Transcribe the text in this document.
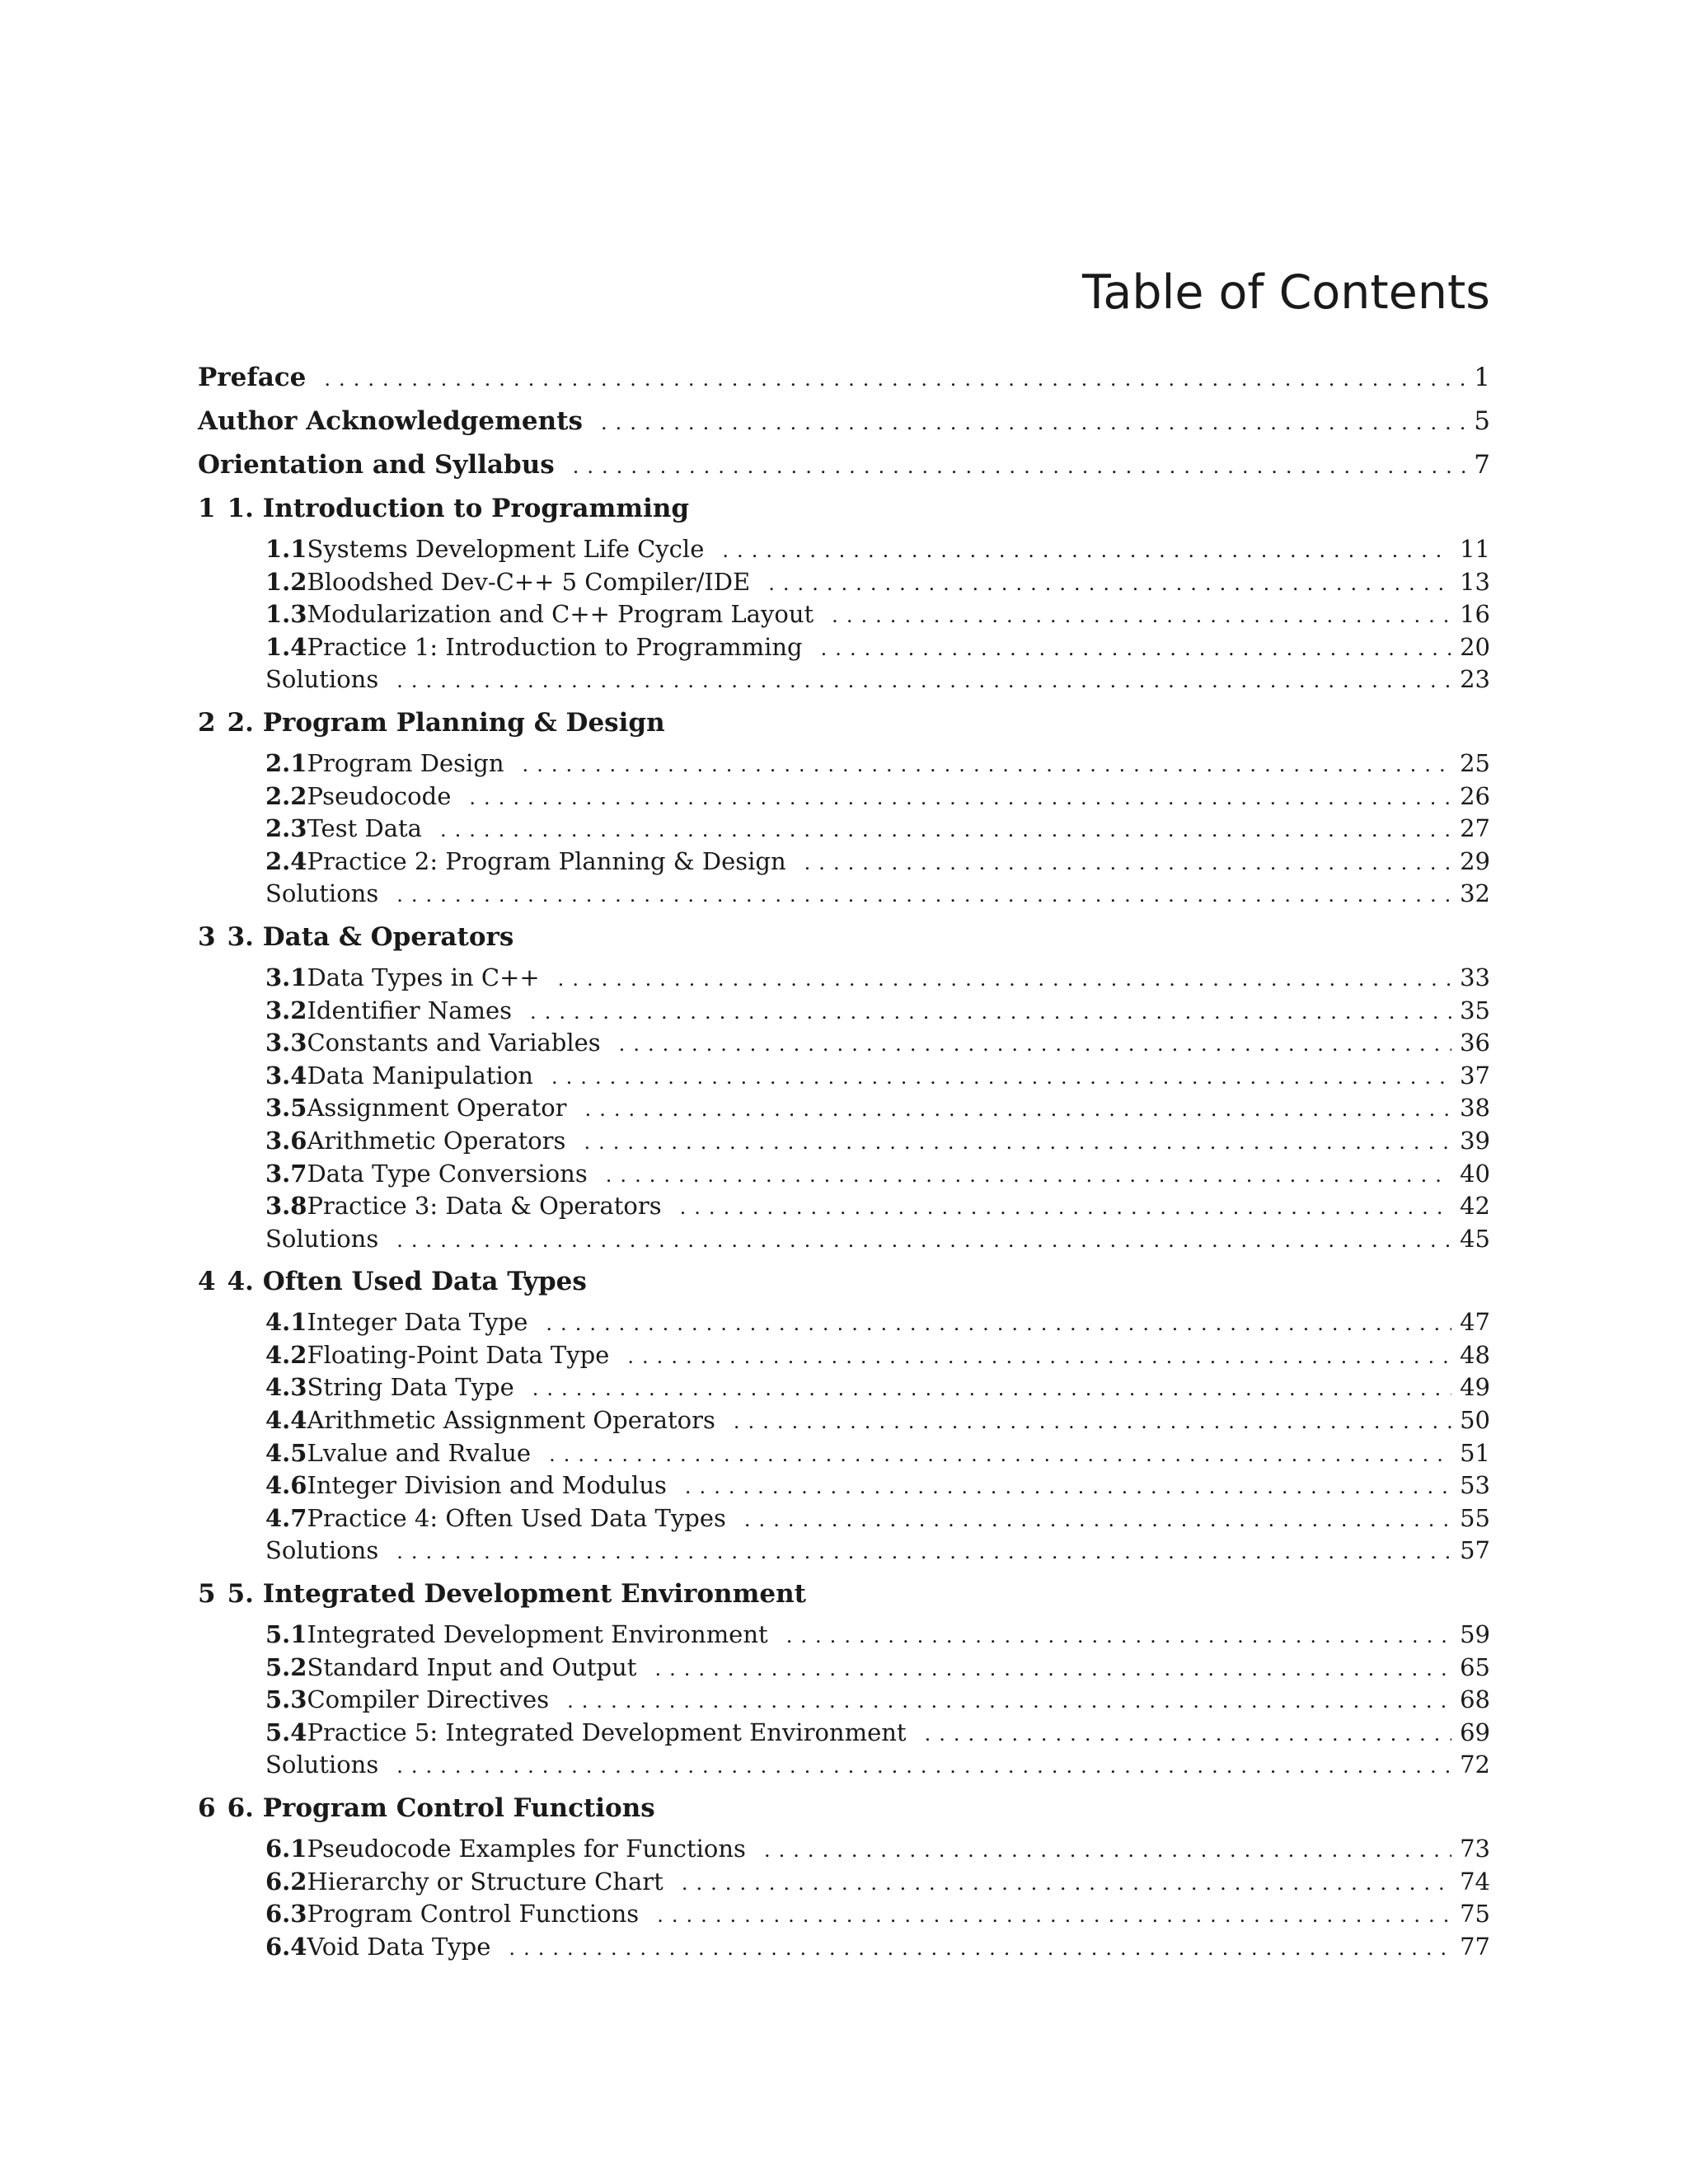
Table of Contents
Preface . . .	1
Author Acknowledgements . . .	5
Orientation and Syllabus . . .	7
1 1. Introduction to Programming
1.1 Systems Development Life Cycle . . .	11
1.2 Bloodshed Dev-C++ 5 Compiler/IDE . . .	13
1.3 Modularization and C++ Program Layout . . .	16
1.4 Practice 1: Introduction to Programming . . .	20
Solutions . . .	23
2 2. Program Planning & Design
2.1 Program Design . . .	25
2.2 Pseudocode . . .	26
2.3 Test Data . . .	27
2.4 Practice 2: Program Planning & Design . . .	29
Solutions . . .	32
3 3. Data & Operators
3.1 Data Types in C++ . . .	33
3.2 Identifier Names . . .	35
3.3 Constants and Variables . . .	36
3.4 Data Manipulation . . .	37
3.5 Assignment Operator . . .	38
3.6 Arithmetic Operators . . .	39
3.7 Data Type Conversions . . .	40
3.8 Practice 3: Data & Operators . . .	42
Solutions . . .	45
4 4. Often Used Data Types
4.1 Integer Data Type . . .	47
4.2 Floating-Point Data Type . . .	48
4.3 String Data Type . . .	49
4.4 Arithmetic Assignment Operators . . .	50
4.5 Lvalue and Rvalue . . .	51
4.6 Integer Division and Modulus . . .	53
4.7 Practice 4: Often Used Data Types . . .	55
Solutions . . .	57
5 5. Integrated Development Environment
5.1 Integrated Development Environment . . .	59
5.2 Standard Input and Output . . .	65
5.3 Compiler Directives . . .	68
5.4 Practice 5: Integrated Development Environment . . .	69
Solutions . . .	72
6 6. Program Control Functions
6.1 Pseudocode Examples for Functions . . .	73
6.2 Hierarchy or Structure Chart . . .	74
6.3 Program Control Functions . . .	75
6.4 Void Data Type . . .	77
